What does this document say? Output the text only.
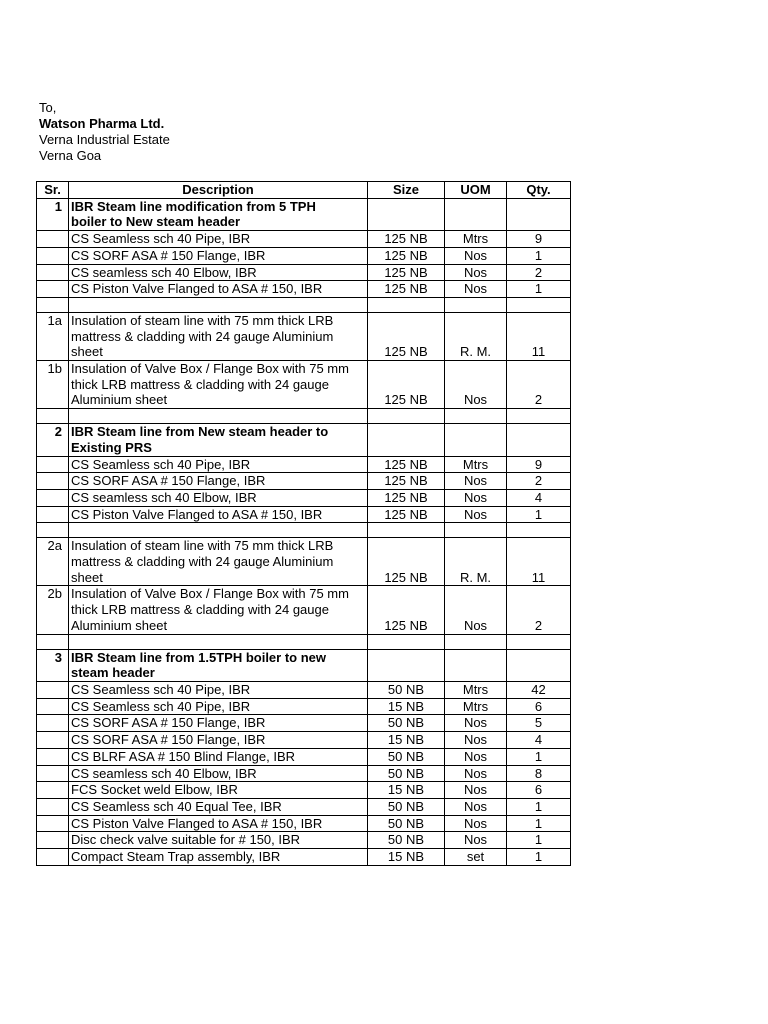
To,
Watson Pharma Ltd.
Verna Industrial Estate
Verna Goa
Sr.	Description	Size	UOM	Qty.
1	IBR Steam line modification from 5 TPH
boiler to New steam header			
	CS Seamless sch 40 Pipe, IBR	125 NB	Mtrs	9
	CS SORF ASA # 150 Flange, IBR	125 NB	Nos	1
	CS seamless sch 40 Elbow, IBR	125 NB	Nos	2
	CS Piston Valve Flanged to ASA # 150, IBR	125 NB	Nos	1

1a	Insulation of steam line with 75 mm thick LRB
mattress & cladding with 24 gauge Aluminium
sheet	125 NB	R. M.	11
1b	Insulation of Valve Box / Flange Box with 75 mm
thick LRB mattress & cladding with 24 gauge
Aluminium sheet	125 NB	Nos	2

2	IBR Steam line from New steam header to
Existing PRS			
	CS Seamless sch 40 Pipe, IBR	125 NB	Mtrs	9
	CS SORF ASA # 150 Flange, IBR	125 NB	Nos	2
	CS seamless sch 40 Elbow, IBR	125 NB	Nos	4
	CS Piston Valve Flanged to ASA # 150, IBR	125 NB	Nos	1

2a	Insulation of steam line with 75 mm thick LRB
mattress & cladding with 24 gauge Aluminium
sheet	125 NB	R. M.	11
2b	Insulation of Valve Box / Flange Box with 75 mm
thick LRB mattress & cladding with 24 gauge
Aluminium sheet	125 NB	Nos	2

3	IBR Steam line from 1.5TPH boiler to new
steam header			
	CS Seamless sch 40 Pipe, IBR	50 NB	Mtrs	42
	CS Seamless sch 40 Pipe, IBR	15 NB	Mtrs	6
	CS SORF ASA # 150 Flange, IBR	50 NB	Nos	5
	CS SORF ASA # 150 Flange, IBR	15 NB	Nos	4
	CS BLRF ASA # 150 Blind Flange, IBR	50 NB	Nos	1
	CS seamless sch 40 Elbow, IBR	50 NB	Nos	8
	FCS Socket weld Elbow, IBR	15 NB	Nos	6
	CS Seamless sch 40 Equal Tee, IBR	50 NB	Nos	1
	CS Piston Valve Flanged to ASA # 150, IBR	50 NB	Nos	1
	Disc check valve suitable for # 150, IBR	50 NB	Nos	1
	Compact Steam Trap assembly, IBR	15 NB	set	1
